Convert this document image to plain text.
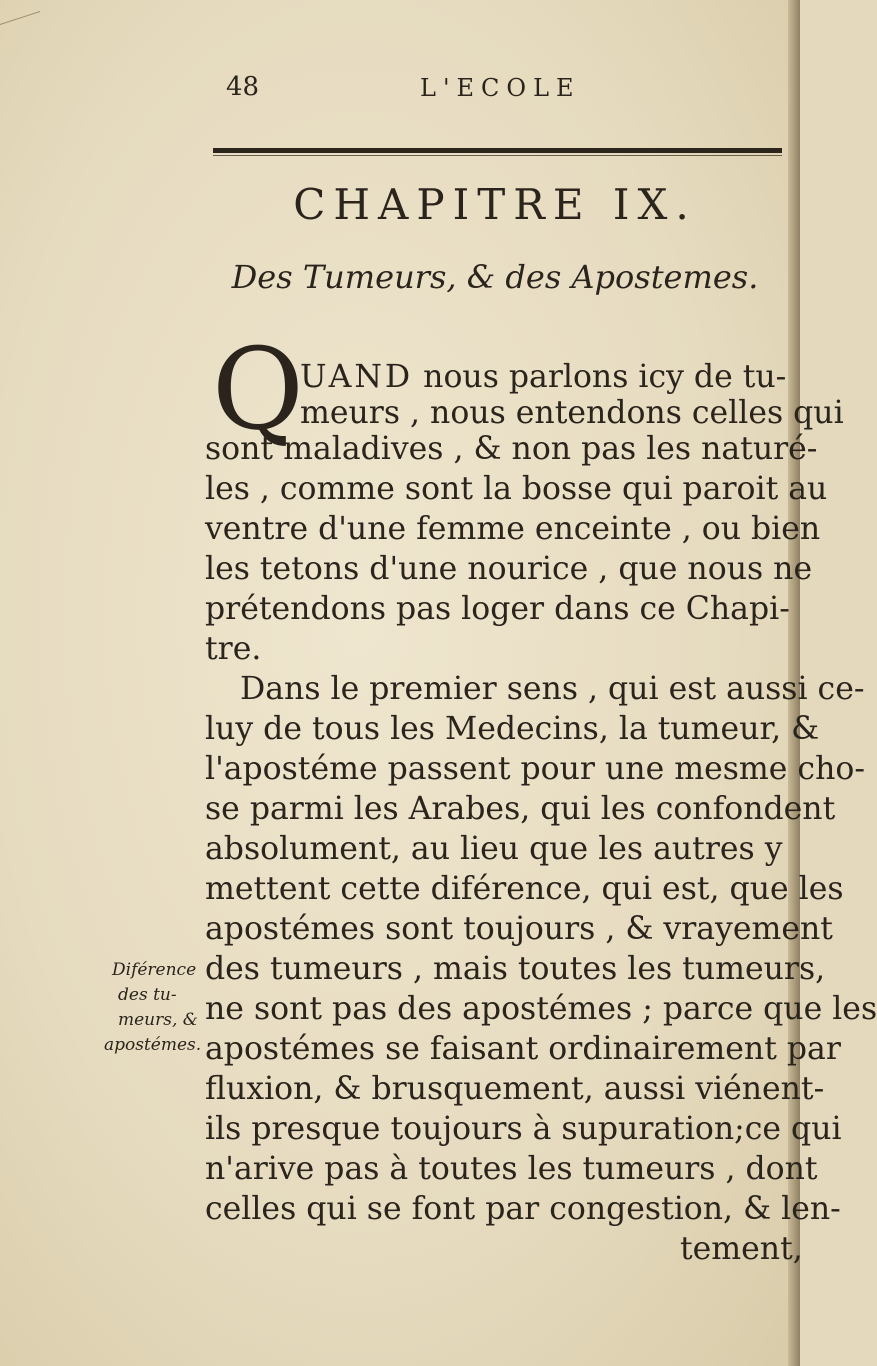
48	L'ECOLE
CHAPITRE IX.
Des Tumeurs, & des Apostemes.
Q
UAND nous parlons icy de tu-
meurs , nous entendons celles qui
sont maladives , & non pas les naturé-
les , comme sont la bosse qui paroit au
ventre d'une femme enceinte , ou bien
les tetons d'une nourice , que nous ne
prétendons pas loger dans ce Chapi-
tre.
Dans le premier sens , qui est aussi ce-
luy de tous les Medecins, la tumeur, &
l'apostéme passent pour une mesme cho-
se parmi les Arabes, qui les confondent
absolument, au lieu que les autres y
mettent cette diférence, qui est, que les
apostémes sont toujours , & vrayement
des tumeurs , mais toutes les tumeurs,
ne sont pas des apostémes ; parce que les
apostémes se faisant ordinairement par
fluxion, & brusquement, aussi viénent-
ils presque toujours à supuration;ce qui
n'arive pas à toutes les tumeurs , dont
celles qui se font par congestion, & len-
tement,
Diférence
des tu-
meurs, &
apostémes.
